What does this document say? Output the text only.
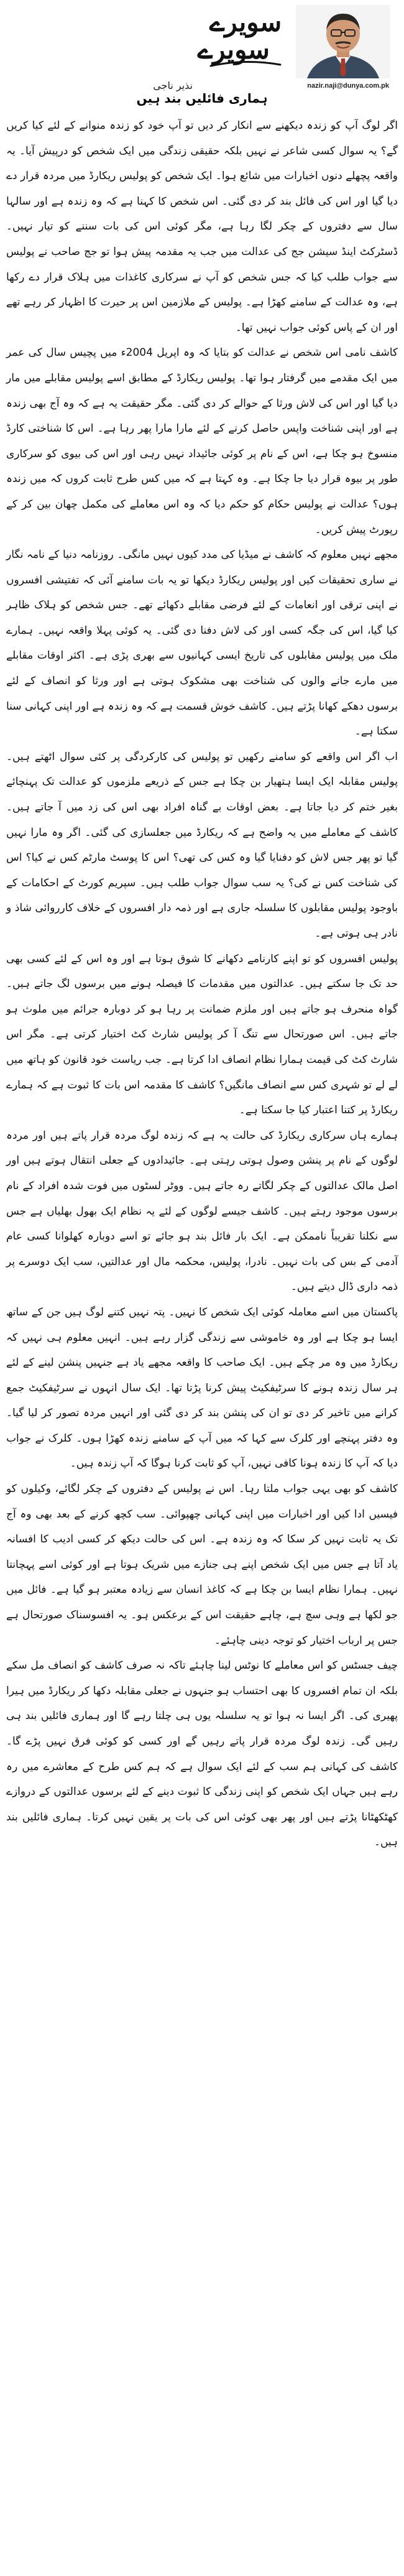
سویرے
سویرے
نذیر ناجی	nazir.naji@dunya.com.pk
ہماری فائلیں بند ہیں

اگر لوگ آپ کو زندہ دیکھنے سے انکار کر دیں تو آپ خود کو زندہ منوانے کے لئے کیا کریں گے؟ یہ سوال کسی شاعر نے نہیں بلکہ حقیقی زندگی میں ایک شخص کو درپیش آیا۔ یہ واقعہ پچھلے دنوں اخبارات میں شائع ہوا۔ ایک شخص کو پولیس ریکارڈ میں مردہ قرار دے دیا گیا اور اس کی فائل بند کر دی گئی۔ اس شخص کا کہنا ہے کہ وہ زندہ ہے اور سالہا سال سے دفتروں کے چکر لگا رہا ہے، مگر کوئی اس کی بات سننے کو تیار نہیں۔ ڈسٹرکٹ اینڈ سیشن جج کی عدالت میں جب یہ مقدمہ پیش ہوا تو جج صاحب نے پولیس سے جواب طلب کیا کہ جس شخص کو آپ نے سرکاری کاغذات میں ہلاک قرار دے رکھا ہے، وہ عدالت کے سامنے کھڑا ہے۔ پولیس کے ملازمین اس پر حیرت کا اظہار کر رہے تھے اور ان کے پاس کوئی جواب نہیں تھا۔

کاشف نامی اس شخص نے عدالت کو بتایا کہ وہ اپریل 2004ء میں پچیس سال کی عمر میں ایک مقدمے میں گرفتار ہوا تھا۔ پولیس ریکارڈ کے مطابق اسے پولیس مقابلے میں مار دیا گیا اور اس کی لاش ورثا کے حوالے کر دی گئی۔ مگر حقیقت یہ ہے کہ وہ آج بھی زندہ ہے اور اپنی شناخت واپس حاصل کرنے کے لئے مارا مارا پھر رہا ہے۔ اس کا شناختی کارڈ منسوخ ہو چکا ہے، اس کے نام پر کوئی جائیداد نہیں رہی اور اس کی بیوی کو سرکاری طور پر بیوہ قرار دیا جا چکا ہے۔ وہ کہتا ہے کہ میں کس طرح ثابت کروں کہ میں زندہ ہوں؟ عدالت نے پولیس حکام کو حکم دیا کہ وہ اس معاملے کی مکمل چھان بین کر کے رپورٹ پیش کریں۔

مجھے نہیں معلوم کہ کاشف نے میڈیا کی مدد کیوں نہیں مانگی۔ روزنامہ دنیا کے نامہ نگار نے ساری تحقیقات کیں اور پولیس ریکارڈ دیکھا تو یہ بات سامنے آئی کہ تفتیشی افسروں نے اپنی ترقی اور انعامات کے لئے فرضی مقابلے دکھائے تھے۔ جس شخص کو ہلاک ظاہر کیا گیا، اس کی جگہ کسی اور کی لاش دفنا دی گئی۔ یہ کوئی پہلا واقعہ نہیں۔ ہمارے ملک میں پولیس مقابلوں کی تاریخ ایسی کہانیوں سے بھری پڑی ہے۔ اکثر اوقات مقابلے میں مارے جانے والوں کی شناخت بھی مشکوک ہوتی ہے اور ورثا کو انصاف کے لئے برسوں دھکے کھانا پڑتے ہیں۔ کاشف خوش قسمت ہے کہ وہ زندہ ہے اور اپنی کہانی سنا سکتا ہے۔

اب اگر اس واقعے کو سامنے رکھیں تو پولیس کی کارکردگی پر کئی سوال اٹھتے ہیں۔ پولیس مقابلہ ایک ایسا ہتھیار بن چکا ہے جس کے ذریعے ملزموں کو عدالت تک پہنچائے بغیر ختم کر دیا جاتا ہے۔ بعض اوقات بے گناہ افراد بھی اس کی زد میں آ جاتے ہیں۔ کاشف کے معاملے میں یہ واضح ہے کہ ریکارڈ میں جعلسازی کی گئی۔ اگر وہ مارا نہیں گیا تو پھر جس لاش کو دفنایا گیا وہ کس کی تھی؟ اس کا پوسٹ مارٹم کس نے کیا؟ اس کی شناخت کس نے کی؟ یہ سب سوال جواب طلب ہیں۔ سپریم کورٹ کے احکامات کے باوجود پولیس مقابلوں کا سلسلہ جاری ہے اور ذمہ دار افسروں کے خلاف کارروائی شاذ و نادر ہی ہوتی ہے۔

پولیس افسروں کو تو اپنے کارنامے دکھانے کا شوق ہوتا ہے اور وہ اس کے لئے کسی بھی حد تک جا سکتے ہیں۔ عدالتوں میں مقدمات کا فیصلہ ہونے میں برسوں لگ جاتے ہیں۔ گواہ منحرف ہو جاتے ہیں اور ملزم ضمانت پر رہا ہو کر دوبارہ جرائم میں ملوث ہو جاتے ہیں۔ اس صورتحال سے تنگ آ کر پولیس شارٹ کٹ اختیار کرتی ہے۔ مگر اس شارٹ کٹ کی قیمت ہمارا نظام انصاف ادا کرتا ہے۔ جب ریاست خود قانون کو ہاتھ میں لے لے تو شہری کس سے انصاف مانگیں؟ کاشف کا مقدمہ اس بات کا ثبوت ہے کہ ہمارے ریکارڈ پر کتنا اعتبار کیا جا سکتا ہے۔

ہمارے ہاں سرکاری ریکارڈ کی حالت یہ ہے کہ زندہ لوگ مردہ قرار پاتے ہیں اور مردہ لوگوں کے نام پر پنشن وصول ہوتی رہتی ہے۔ جائیدادوں کے جعلی انتقال ہوتے ہیں اور اصل مالک عدالتوں کے چکر لگاتے رہ جاتے ہیں۔ ووٹر لسٹوں میں فوت شدہ افراد کے نام برسوں موجود رہتے ہیں۔ کاشف جیسے لوگوں کے لئے یہ نظام ایک بھول بھلیاں ہے جس سے نکلنا تقریباً ناممکن ہے۔ ایک بار فائل بند ہو جائے تو اسے دوبارہ کھلوانا کسی عام آدمی کے بس کی بات نہیں۔ نادرا، پولیس، محکمہ مال اور عدالتیں، سب ایک دوسرے پر ذمہ داری ڈال دیتے ہیں۔

پاکستان میں اسے معاملہ کوئی ایک شخص کا نہیں۔ پتہ نہیں کتنے لوگ ہیں جن کے ساتھ ایسا ہو چکا ہے اور وہ خاموشی سے زندگی گزار رہے ہیں۔ انہیں معلوم ہی نہیں کہ ریکارڈ میں وہ مر چکے ہیں۔ ایک صاحب کا واقعہ مجھے یاد ہے جنہیں پنشن لینے کے لئے ہر سال زندہ ہونے کا سرٹیفکیٹ پیش کرنا پڑتا تھا۔ ایک سال انہوں نے سرٹیفکیٹ جمع کرانے میں تاخیر کر دی تو ان کی پنشن بند کر دی گئی اور انہیں مردہ تصور کر لیا گیا۔ وہ دفتر پہنچے اور کلرک سے کہا کہ میں آپ کے سامنے زندہ کھڑا ہوں۔ کلرک نے جواب دیا کہ آپ کا زندہ ہونا کافی نہیں، آپ کو ثابت کرنا ہوگا کہ آپ زندہ ہیں۔

کاشف کو بھی یہی جواب ملتا رہا۔ اس نے پولیس کے دفتروں کے چکر لگائے، وکیلوں کو فیسیں ادا کیں اور اخبارات میں اپنی کہانی چھپوائی۔ سب کچھ کرنے کے بعد بھی وہ آج تک یہ ثابت نہیں کر سکا کہ وہ زندہ ہے۔ اس کی حالت دیکھ کر کسی ادیب کا افسانہ یاد آتا ہے جس میں ایک شخص اپنے ہی جنازے میں شریک ہوتا ہے اور کوئی اسے پہچانتا نہیں۔ ہمارا نظام ایسا بن چکا ہے کہ کاغذ انسان سے زیادہ معتبر ہو گیا ہے۔ فائل میں جو لکھا ہے وہی سچ ہے، چاہے حقیقت اس کے برعکس ہو۔ یہ افسوسناک صورتحال ہے جس پر ارباب اختیار کو توجہ دینی چاہئے۔

چیف جسٹس کو اس معاملے کا نوٹس لینا چاہئے تاکہ نہ صرف کاشف کو انصاف مل سکے بلکہ ان تمام افسروں کا بھی احتساب ہو جنہوں نے جعلی مقابلہ دکھا کر ریکارڈ میں ہیرا پھیری کی۔ اگر ایسا نہ ہوا تو یہ سلسلہ یوں ہی چلتا رہے گا اور ہماری فائلیں بند ہی رہیں گی۔ زندہ لوگ مردہ قرار پاتے رہیں گے اور کسی کو کوئی فرق نہیں پڑے گا۔ کاشف کی کہانی ہم سب کے لئے ایک سوال ہے کہ ہم کس طرح کے معاشرے میں رہ رہے ہیں جہاں ایک شخص کو اپنی زندگی کا ثبوت دینے کے لئے برسوں عدالتوں کے دروازے کھٹکھٹانا پڑتے ہیں اور پھر بھی کوئی اس کی بات پر یقین نہیں کرتا۔ ہماری فائلیں بند ہیں۔
